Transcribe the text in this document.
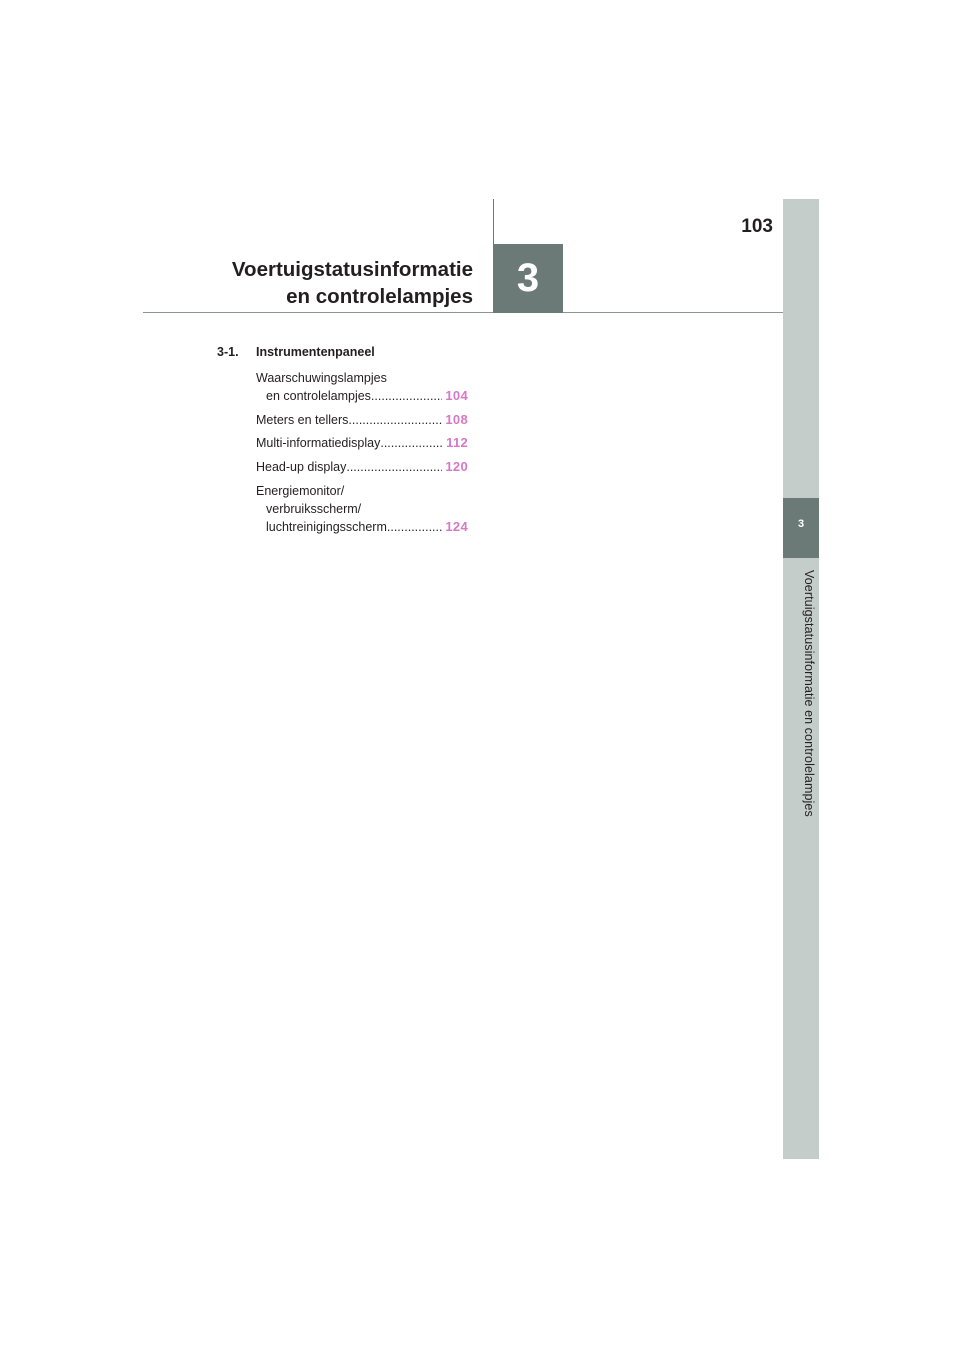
3
Voertuigstatusinformatie en controlelampjes
103
3
Voertuigstatusinformatie
en controlelampjes
3-1. Instrumentenpaneel
Waarschuwingslampjes
en controlelampjes .....	104
Meters en tellers .....	108
Multi-informatiedisplay .....	112
Head-up display .....	120
Energiemonitor/
verbruiksscherm/
luchtreinigingsscherm .....	124
